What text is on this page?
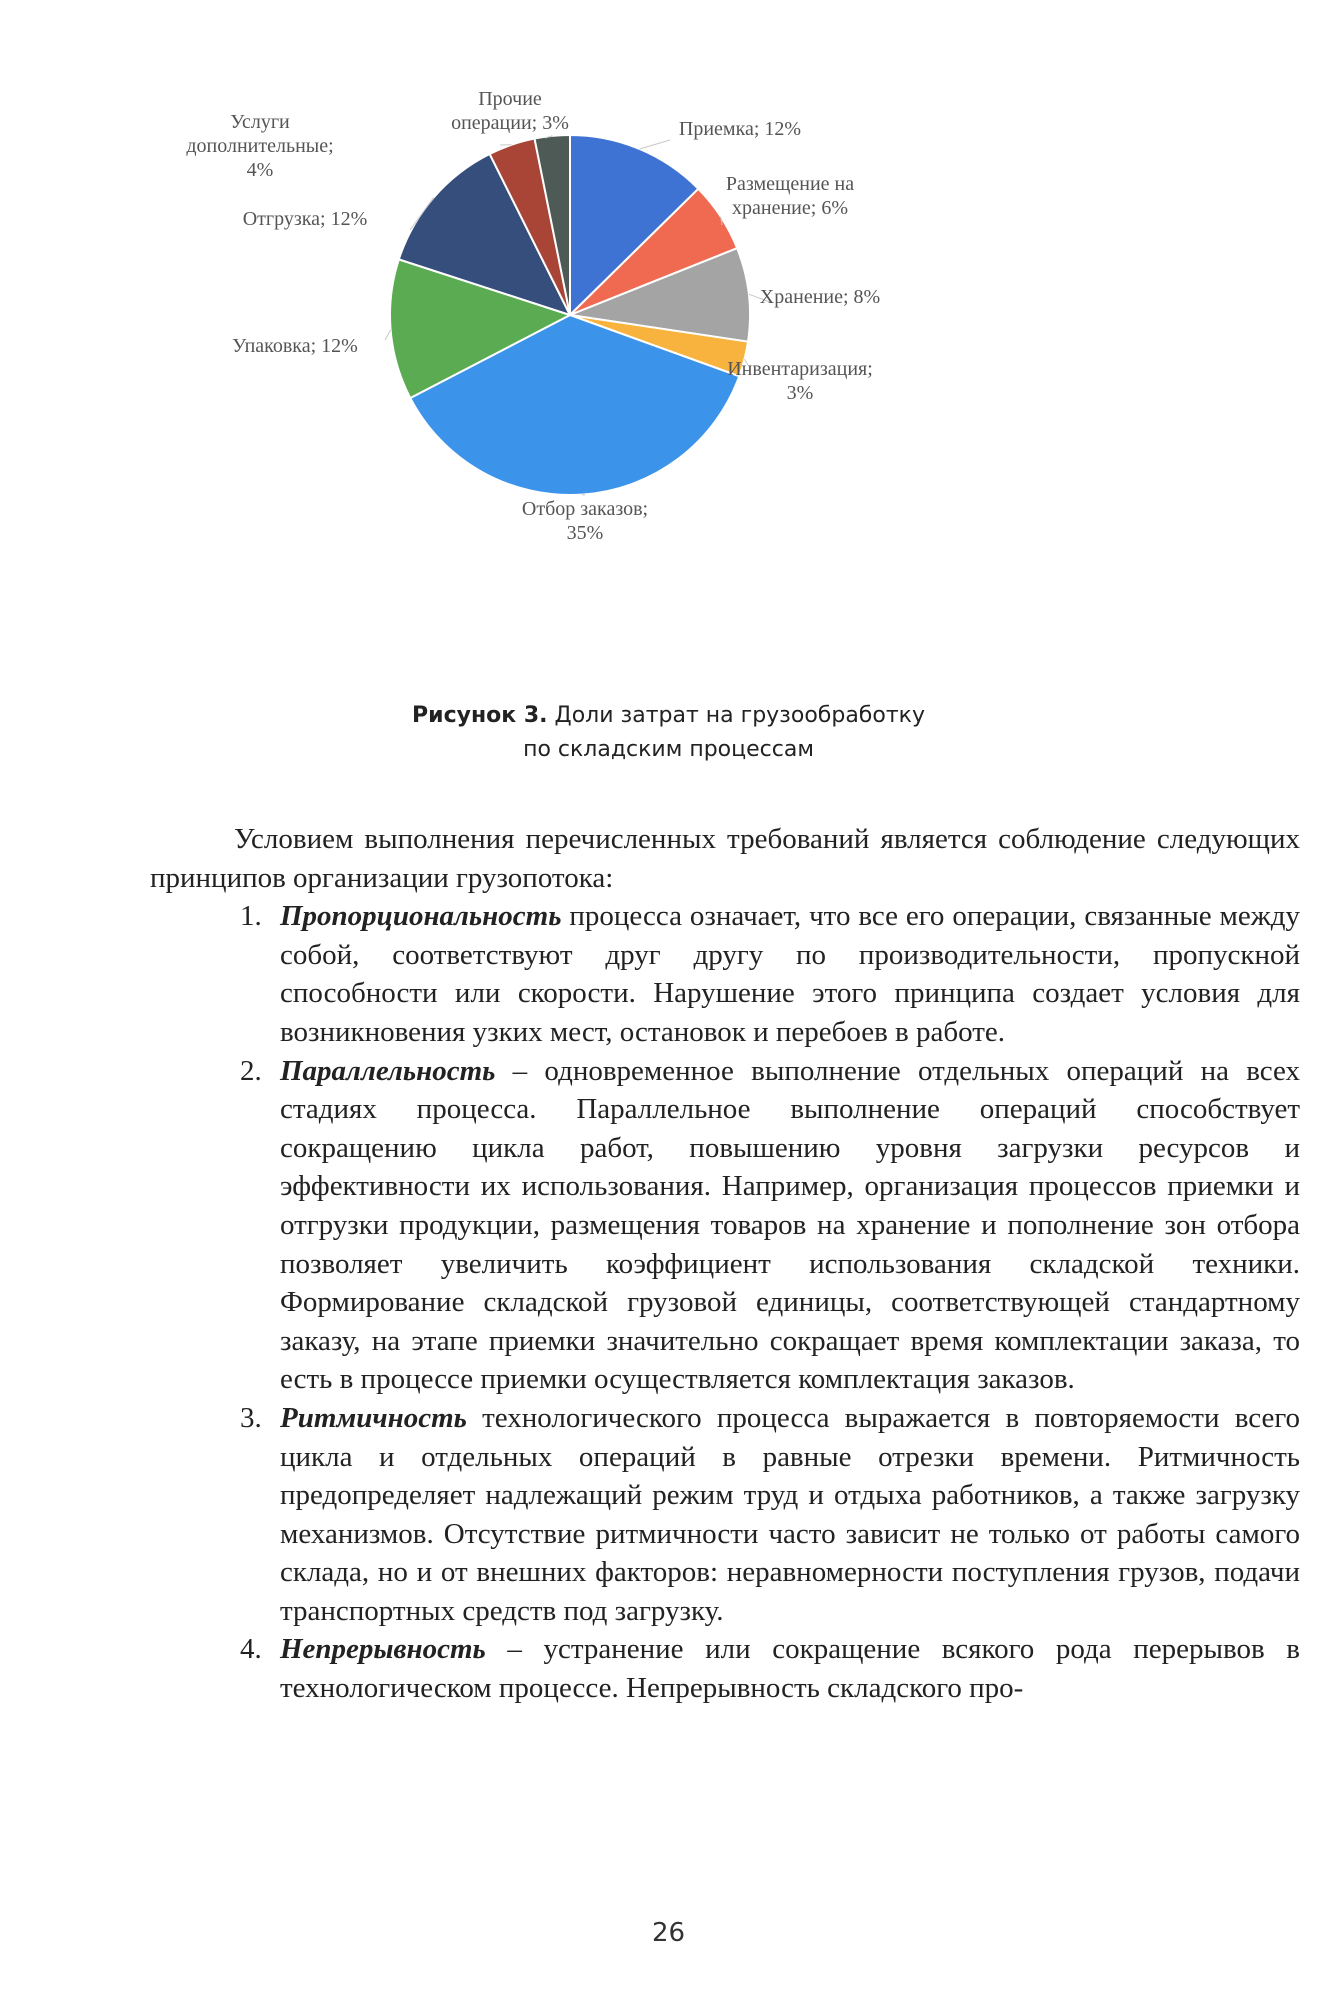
Приемка; 12%
Размещение на хранение; 6%
Хранение; 8%
Инвентаризация; 3%
Отбор заказов; 35%
Упаковка; 12%
Отгрузка; 12%
Услуги дополнительные; 4%
Прочие операции; 3%
Рисунок 3. Доли затрат на грузообработку
по складским процессам

Условием выполнения перечисленных требований является соблюдение следующих принципов организации грузопотока:

1. Пропорциональность процесса означает, что все его операции, связанные между собой, соответствуют друг другу по производительности, пропускной способности или скорости. Нарушение этого принципа создает условия для возникновения узких мест, остановок и перебоев в работе.

2. Параллельность – одновременное выполнение отдельных операций на всех стадиях процесса. Параллельное выполнение операций способствует сокращению цикла работ, повышению уровня загрузки ресурсов и эффективности их использования. Например, организация процессов приемки и отгрузки продукции, размещения товаров на хранение и пополнение зон отбора позволяет увеличить коэффициент использования складской техники. Формирование складской грузовой единицы, соответствующей стандартному заказу, на этапе приемки значительно сокращает время комплектации заказа, то есть в процессе приемки осуществляется комплектация заказов.

3. Ритмичность технологического процесса выражается в повторяемости всего цикла и отдельных операций в равные отрезки времени. Ритмичность предопределяет надлежащий режим труд и отдыха работников, а также загрузку механизмов. Отсутствие ритмичности часто зависит не только от работы самого склада, но и от внешних факторов: неравномерности поступления грузов, подачи транспортных средств под загрузку.

4. Непрерывность – устранение или сокращение всякого рода перерывов в технологическом процессе. Непрерывность складского про-

26
